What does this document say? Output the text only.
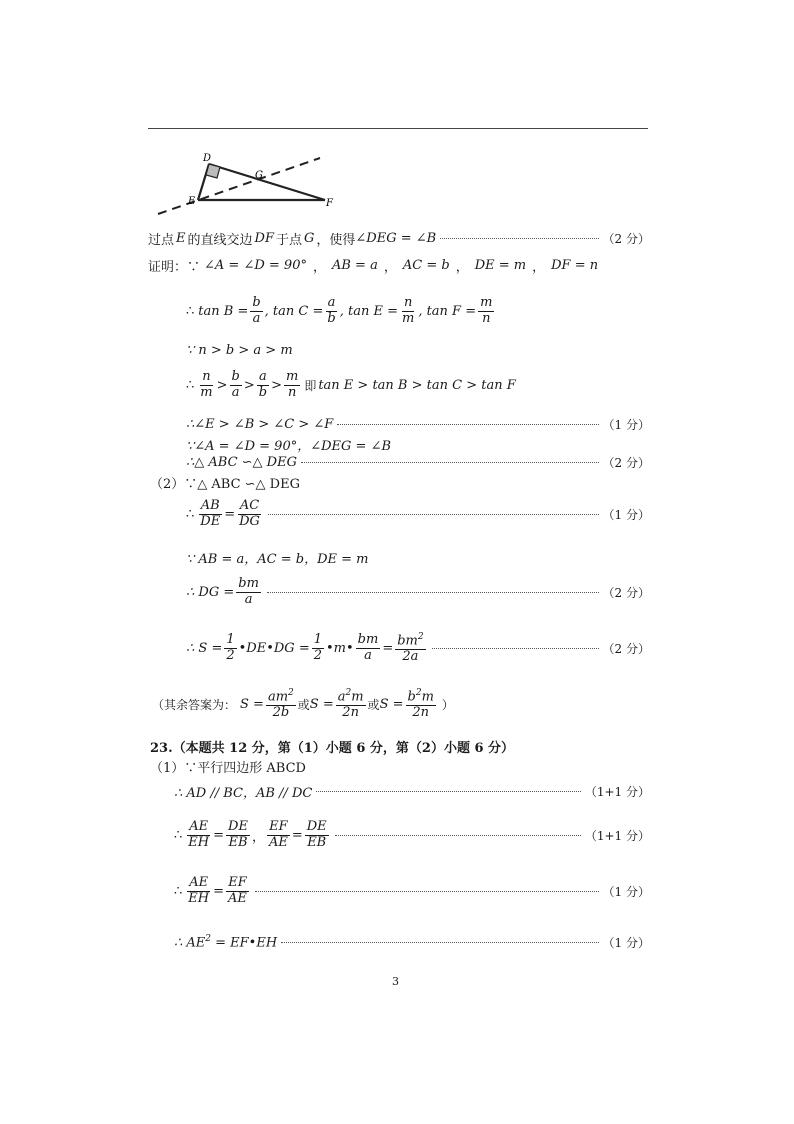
D
E
G
F
过点 E 的直线交边 DF 于点 G ，使得 ∠DEG = ∠B	（2 分）
证明：∵ ∠A = ∠D = 90° ， AB = a ， AC = b ， DE = m ， DF = n
∴ $\tan B = \frac{b}{a}$ , $\tan C = \frac{a}{b}$ , $\tan E = \frac{n}{m}$ , $\tan F = \frac{m}{n}$
∵ n > b > a > m
∴ $\frac{n}{m} > \frac{b}{a} > \frac{a}{b} > \frac{m}{n}$ 即 tan E > tan B > tan C > tan F
∴∠E > ∠B > ∠C > ∠F	（1 分）
∵∠A = ∠D = 90°，∠DEG = ∠B
∴△ ABC ∽△ DEG	（2 分）
（2）∵△ ABC ∽△ DEG
∴ $\frac{AB}{DE} = \frac{AC}{DG}$	（1 分）
∵ AB = a，AC = b，DE = m
∴ DG = $\frac{bm}{a}$	（2 分）
∴ $S = \frac{1}{2}$ •DE•DG = $\frac{1}{2}$ •m• $\frac{bm}{a} = \frac{bm^2}{2a}$	（2 分）
（其余答案为： $S = \frac{am^2}{2b}$ 或 $S = \frac{a^2m}{2n}$ 或 $S = \frac{b^2m}{2n}$ ）
23.（本题共 12 分，第（1）小题 6 分，第（2）小题 6 分）
（1）∵平行四边形 ABCD
∴ AD // BC，AB // DC	（1+1 分）
∴ $\frac{AE}{EH} = \frac{DE}{EB}$ ， $\frac{EF}{AE} = \frac{DE}{EB}$	（1+1 分）
∴ $\frac{AE}{EH} = \frac{EF}{AE}$	（1 分）
∴ $AE^2$ = EF•EH	（1 分）
3
